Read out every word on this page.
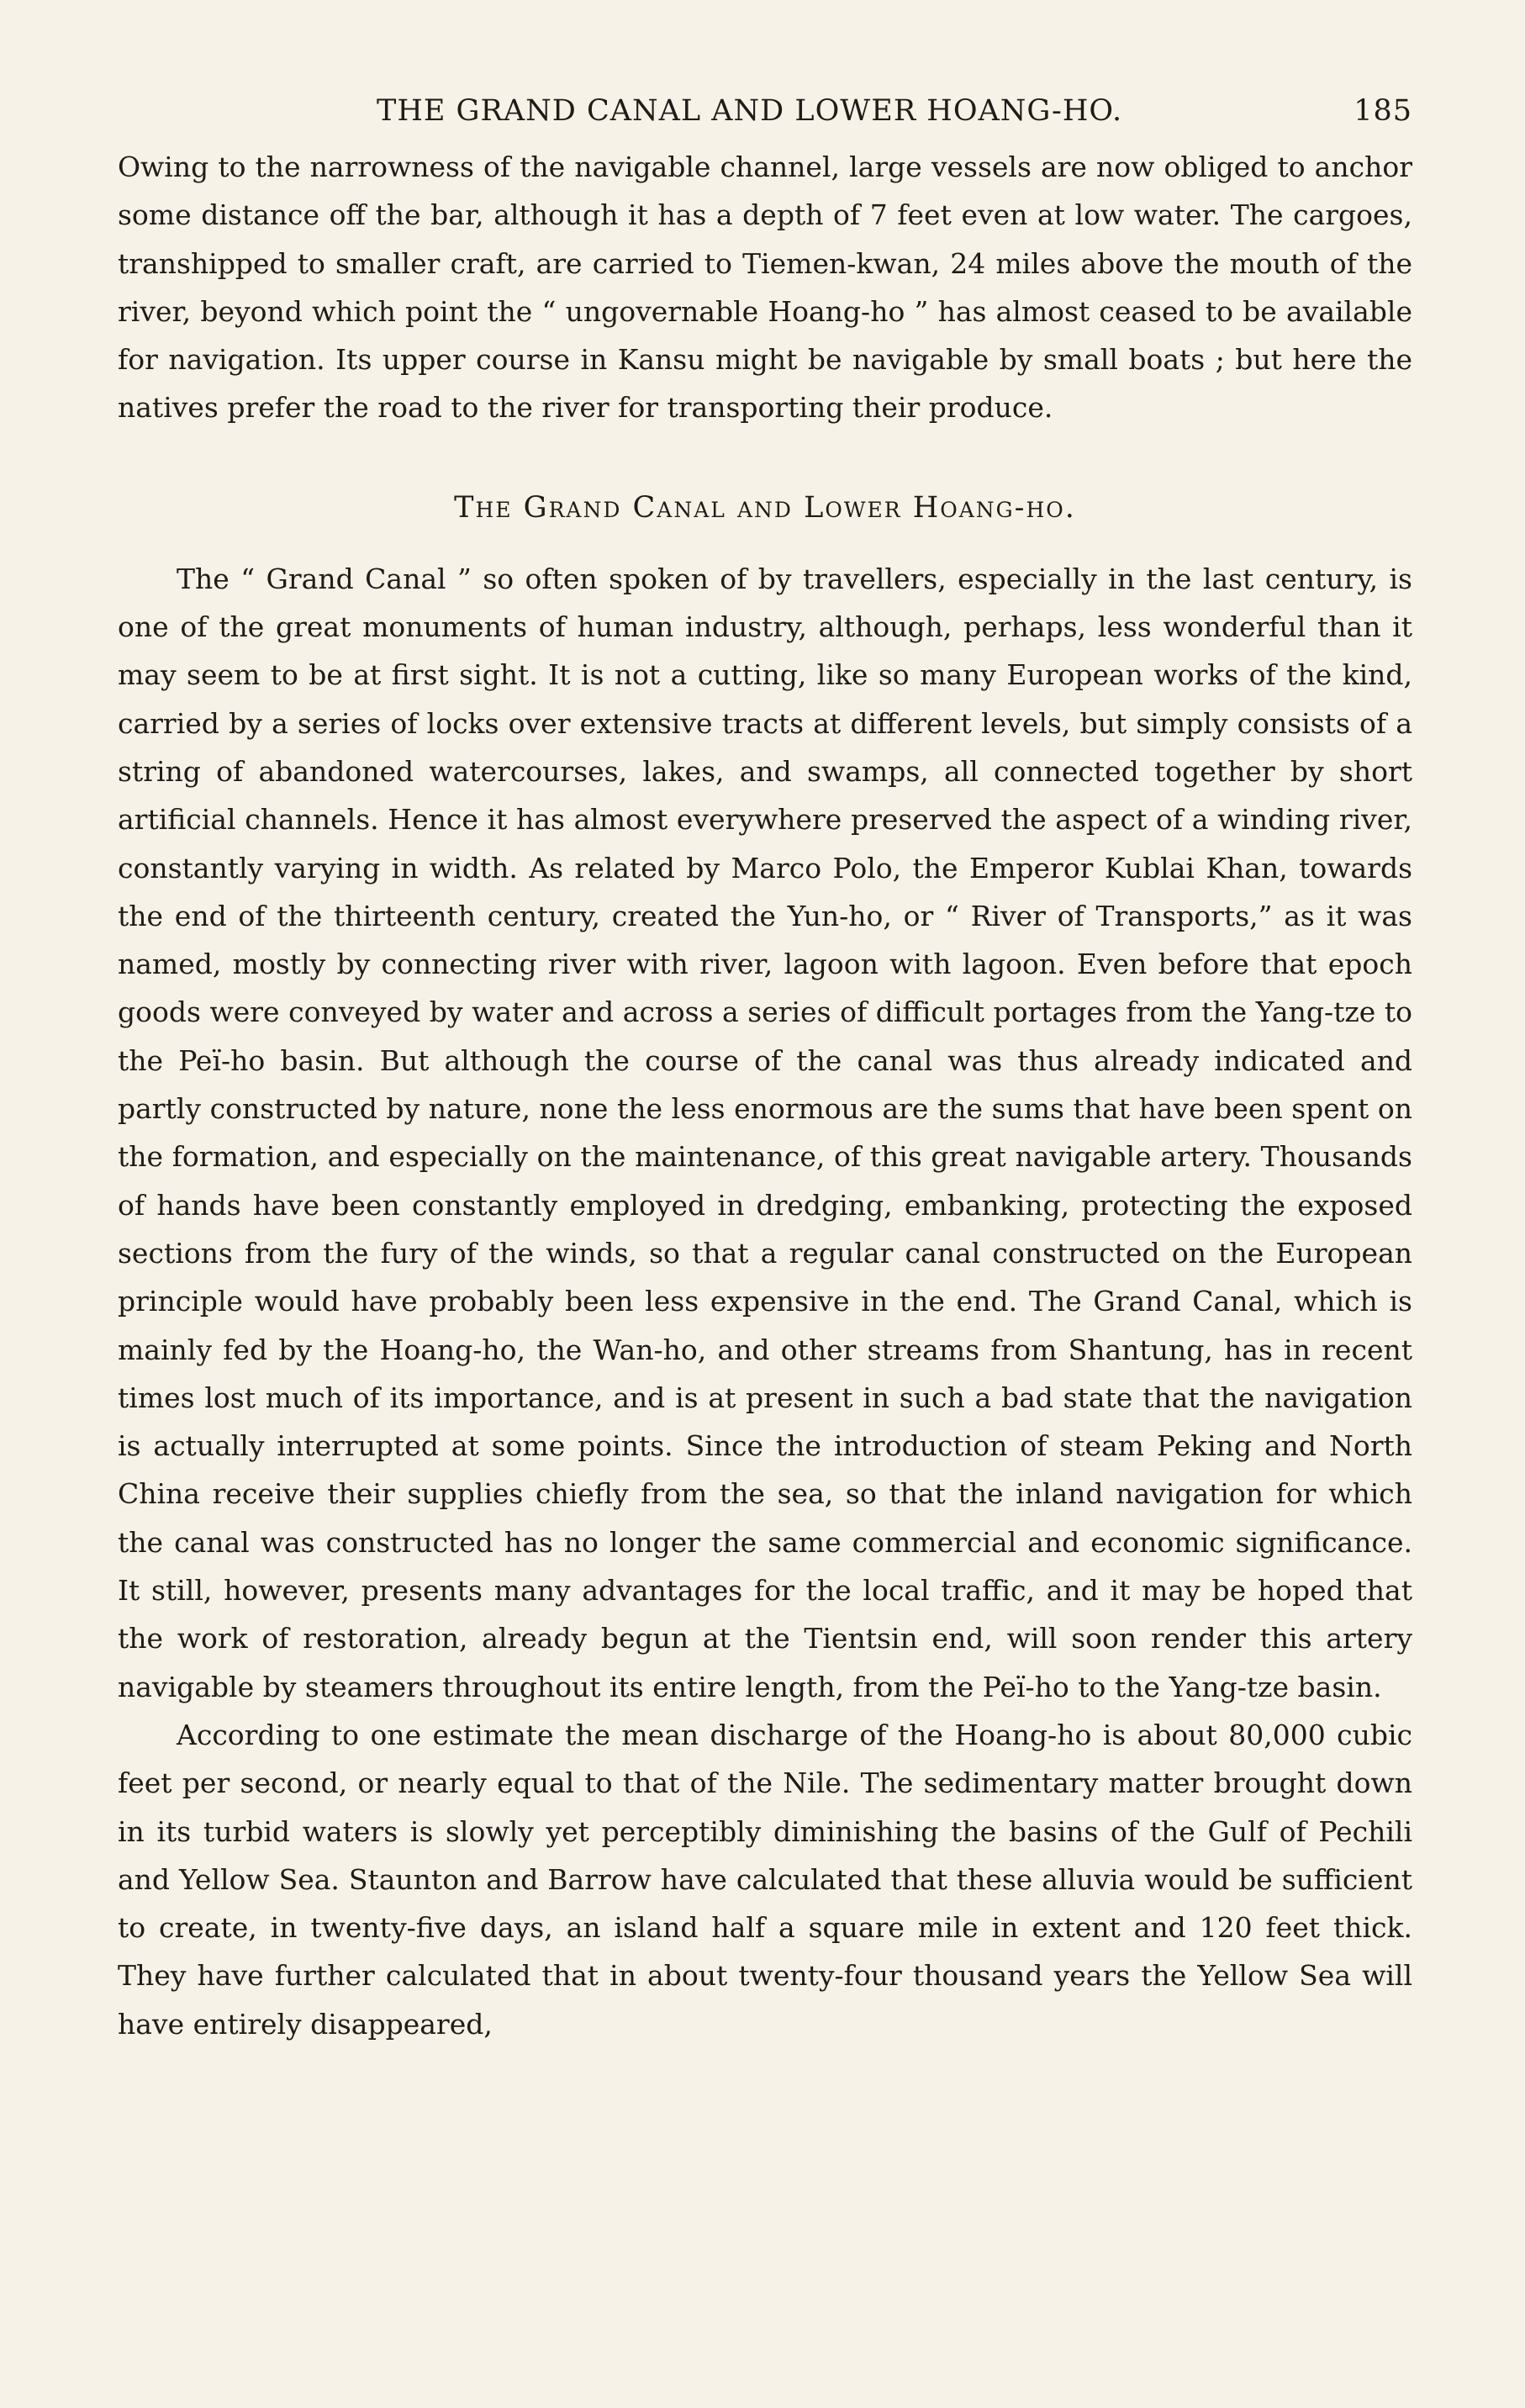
THE GRAND CANAL AND LOWER HOANG-HO.	185

Owing to the narrowness of the navigable channel, large vessels are now obliged to anchor some distance off the bar, although it has a depth of 7 feet even at low water. The cargoes, transhipped to smaller craft, are carried to Tiemen-kwan, 24 miles above the mouth of the river, beyond which point the “ ungovernable Hoang-ho ” has almost ceased to be available for navigation. Its upper course in Kansu might be navigable by small boats ; but here the natives prefer the road to the river for transporting their produce.

The Grand Canal and Lower Hoang-ho.

The “ Grand Canal ” so often spoken of by travellers, especially in the last century, is one of the great monuments of human industry, although, perhaps, less wonderful than it may seem to be at first sight. It is not a cutting, like so many European works of the kind, carried by a series of locks over extensive tracts at different levels, but simply consists of a string of abandoned watercourses, lakes, and swamps, all connected together by short artificial channels. Hence it has almost everywhere preserved the aspect of a winding river, constantly varying in width. As related by Marco Polo, the Emperor Kublai Khan, towards the end of the thirteenth century, created the Yun-ho, or “ River of Transports,” as it was named, mostly by connecting river with river, lagoon with lagoon. Even before that epoch goods were conveyed by water and across a series of difficult portages from the Yang-tze to the Peï-ho basin. But although the course of the canal was thus already indicated and partly constructed by nature, none the less enormous are the sums that have been spent on the formation, and especially on the maintenance, of this great navigable artery. Thousands of hands have been constantly employed in dredging, embanking, protecting the exposed sections from the fury of the winds, so that a regular canal constructed on the European principle would have probably been less expensive in the end. The Grand Canal, which is mainly fed by the Hoang-ho, the Wan-ho, and other streams from Shantung, has in recent times lost much of its importance, and is at present in such a bad state that the navigation is actually interrupted at some points. Since the introduction of steam Peking and North China receive their supplies chiefly from the sea, so that the inland navigation for which the canal was constructed has no longer the same commercial and economic significance. It still, however, presents many advantages for the local traffic, and it may be hoped that the work of restoration, already begun at the Tientsin end, will soon render this artery navigable by steamers throughout its entire length, from the Peï-ho to the Yang-tze basin.

According to one estimate the mean discharge of the Hoang-ho is about 80,000 cubic feet per second, or nearly equal to that of the Nile. The sedimentary matter brought down in its turbid waters is slowly yet perceptibly diminishing the basins of the Gulf of Pechili and Yellow Sea. Staunton and Barrow have calculated that these alluvia would be sufficient to create, in twenty-five days, an island half a square mile in extent and 120 feet thick. They have further calculated that in about twenty-four thousand years the Yellow Sea will have entirely disappeared,
